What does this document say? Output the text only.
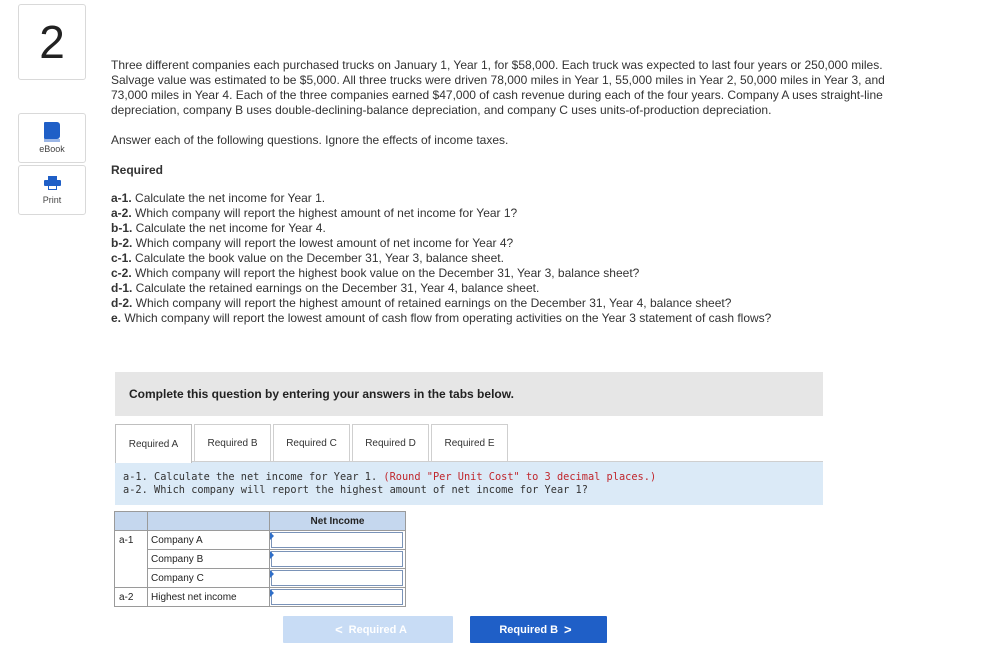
2
eBook
Print

Three different companies each purchased trucks on January 1, Year 1, for $58,000. Each truck was expected to last four years or 250,000 miles. Salvage value was estimated to be $5,000. All three trucks were driven 78,000 miles in Year 1, 55,000 miles in Year 2, 50,000 miles in Year 3, and 73,000 miles in Year 4. Each of the three companies earned $47,000 of cash revenue during each of the four years. Company A uses straight-line depreciation, company B uses double-declining-balance depreciation, and company C uses units-of-production depreciation.

Answer each of the following questions. Ignore the effects of income taxes.

Required
a-1. Calculate the net income for Year 1.
a-2. Which company will report the highest amount of net income for Year 1?
b-1. Calculate the net income for Year 4.
b-2. Which company will report the lowest amount of net income for Year 4?
c-1. Calculate the book value on the December 31, Year 3, balance sheet.
c-2. Which company will report the highest book value on the December 31, Year 3, balance sheet?
d-1. Calculate the retained earnings on the December 31, Year 4, balance sheet.
d-2. Which company will report the highest amount of retained earnings on the December 31, Year 4, balance sheet?
e. Which company will report the lowest amount of cash flow from operating activities on the Year 3 statement of cash flows?
Complete this question by entering your answers in the tabs below.
Required A	Required B	Required C	Required D	Required E
a-1. Calculate the net income for Year 1. (Round "Per Unit Cost" to 3 decimal places.)
a-2. Which company will report the highest amount of net income for Year 1?
		Net Income
a-1	Company A	

	Company B	

	Company C	

a-2	Highest net income	
< Required A	Required B >
